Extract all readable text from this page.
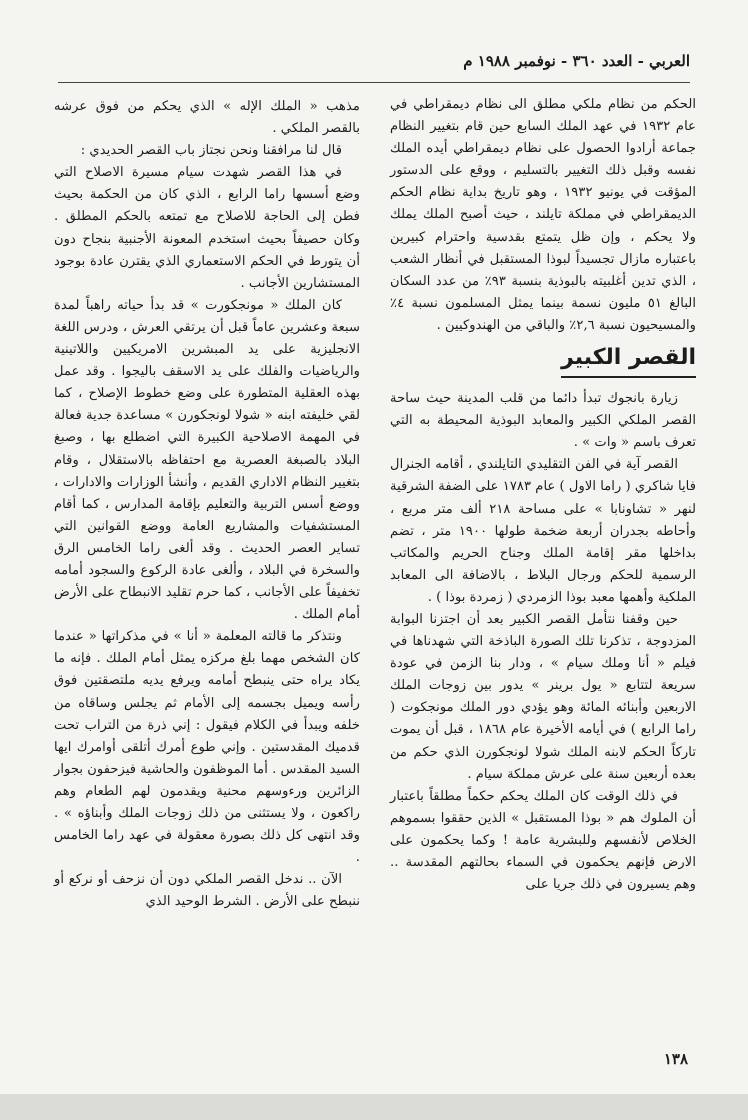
العربي - العدد ٣٦٠ - نوفمبر ١٩٨٨ م

الحكم من نظام ملكي مطلق الى نظام ديمقراطي في عام ١٩٣٢ في عهد الملك السابع حين قام بتغيير النظام جماعة أرادوا الحصول على نظام ديمقراطي أيده الملك نفسه وقبل ذلك التغيير بالتسليم ، ووقع على الدستور المؤقت في يونيو ١٩٣٢ ، وهو تاريخ بداية نظام الحكم الديمقراطي في مملكة تايلند ، حيث أصبح الملك يملك ولا يحكم ، وإن ظل يتمتع بقدسية واحترام كبيرين باعتباره مازال تجسيداً لبوذا المستقبل في أنظار الشعب ، الذي تدين أغلبيته بالبوذية بنسبة ٩٣٪ من عدد السكان البالغ ٥١ مليون نسمة بينما يمثل المسلمون نسبة ٤٪ والمسيحيون نسبة ٢,٦٪ والباقي من الهندوكيين .

القصر الكبير

زيارة بانجوك تبدأ دائما من قلب المدينة حيث ساحة القصر الملكي الكبير والمعابد البوذية المحيطة به التي تعرف باسم « وات » .

القصر آية في الفن التقليدي التايلندي ، أقامه الجنرال فايا شاكري ( راما الاول ) عام ١٧٨٣ على الضفة الشرقية لنهر « تشاونابا » على مساحة ٢١٨ ألف متر مربع ، وأحاطه بجدران أربعة ضخمة طولها ١٩٠٠ متر ، تضم بداخلها مقر إقامة الملك وجناح الحريم والمكاتب الرسمية للحكم ورجال البلاط ، بالاضافة الى المعابد الملكية وأهمها معبد بوذا الزمردي ( زمردة بوذا ) .

حين وقفنا نتأمل القصر الكبير بعد أن اجتزنا البوابة المزدوجة ، تذكرنا تلك الصورة الباذخة التي شهدناها في فيلم « أنا وملك سيام » ، ودار بنا الزمن في عودة سريعة لتتابع « يول برينر » يدور بين زوجات الملك الاربعين وأبنائه المائة وهو يؤدي دور الملك مونجكوت ( راما الرابع ) في أيامه الأخيرة عام ١٨٦٨ ، قبل أن يموت تاركاً الحكم لابنه الملك شولا لونجكورن الذي حكم من بعده أربعين سنة على عرش مملكة سيام .

في ذلك الوقت كان الملك يحكم حكماً مطلقاً باعتبار أن الملوك هم « بوذا المستقبل » الذين حققوا بسموهم الخلاص لأنفسهم وللبشرية عامة ! وكما يحكمون على الارض فإنهم يحكمون في السماء بحالتهم المقدسة .. وهم يسيرون في ذلك جريا على

مذهب « الملك الإله » الذي يحكم من فوق عرشه بالقصر الملكي .

قال لنا مرافقنا ونحن نجتاز باب القصر الحديدي :

في هذا القصر شهدت سيام مسيرة الاصلاح التي وضع أسسها راما الرابع ، الذي كان من الحكمة بحيث فطن إلى الحاجة للاصلاح مع تمتعه بالحكم المطلق . وكان حصيفاً بحيث استخدم المعونة الأجنبية بنجاح دون أن يتورط في الحكم الاستعماري الذي يقترن عادة بوجود المستشارين الأجانب .

كان الملك « مونجكورت » قد بدأ حياته راهباً لمدة سبعة وعشرين عاماً قبل أن يرتقي العرش ، ودرس اللغة الانجليزية على يد المبشرين الامريكيين واللاتينية والرياضيات والفلك على يد الاسقف باليجوا . وقد عمل بهذه العقلية المتطورة على وضع خطوط الإصلاح ، كما لقي خليفته ابنه « شولا لونجكورن » مساعدة جدية فعالة في المهمة الاصلاحية الكبيرة التي اضطلع بها ، وصبغ البلاد بالصبغة العصرية مع احتفاظه بالاستقلال ، وقام بتغيير النظام الاداري القديم ، وأنشأ الوزارات والادارات ، ووضع أسس التربية والتعليم بإقامة المدارس ، كما أقام المستشفيات والمشاريع العامة ووضع القوانين التي تساير العصر الحديث . وقد ألغى راما الخامس الرق والسخرة في البلاد ، وألغى عادة الركوع والسجود أمامه تخفيفاً على الأجانب ، كما حرم تقليد الانبطاح على الأرض أمام الملك .

ونتذكر ما قالته المعلمة « أنا » في مذكراتها « عندما كان الشخص مهما بلغ مركزه يمثل أمام الملك . فإنه ما يكاد يراه حتى ينبطح أمامه ويرفع يديه ملتصقتين فوق رأسه ويميل بجسمه إلى الأمام ثم يجلس وساقاه من خلفه ويبدأ في الكلام فيقول : إني ذرة من التراب تحت قدميك المقدستين . وإني طوع أمرك أتلقى أوامرك ايها السيد المقدس . أما الموظفون والحاشية فيزحفون بجوار الزائرين ورءوسهم محنية ويقدمون لهم الطعام وهم راكعون ، ولا يستثنى من ذلك زوجات الملك وأبناؤه » . وقد انتهى كل ذلك بصورة معقولة في عهد راما الخامس .

الآن .. ندخل القصر الملكي دون أن نزحف أو نركع أو ننبطح على الأرض . الشرط الوحيد الذي

١٣٨
